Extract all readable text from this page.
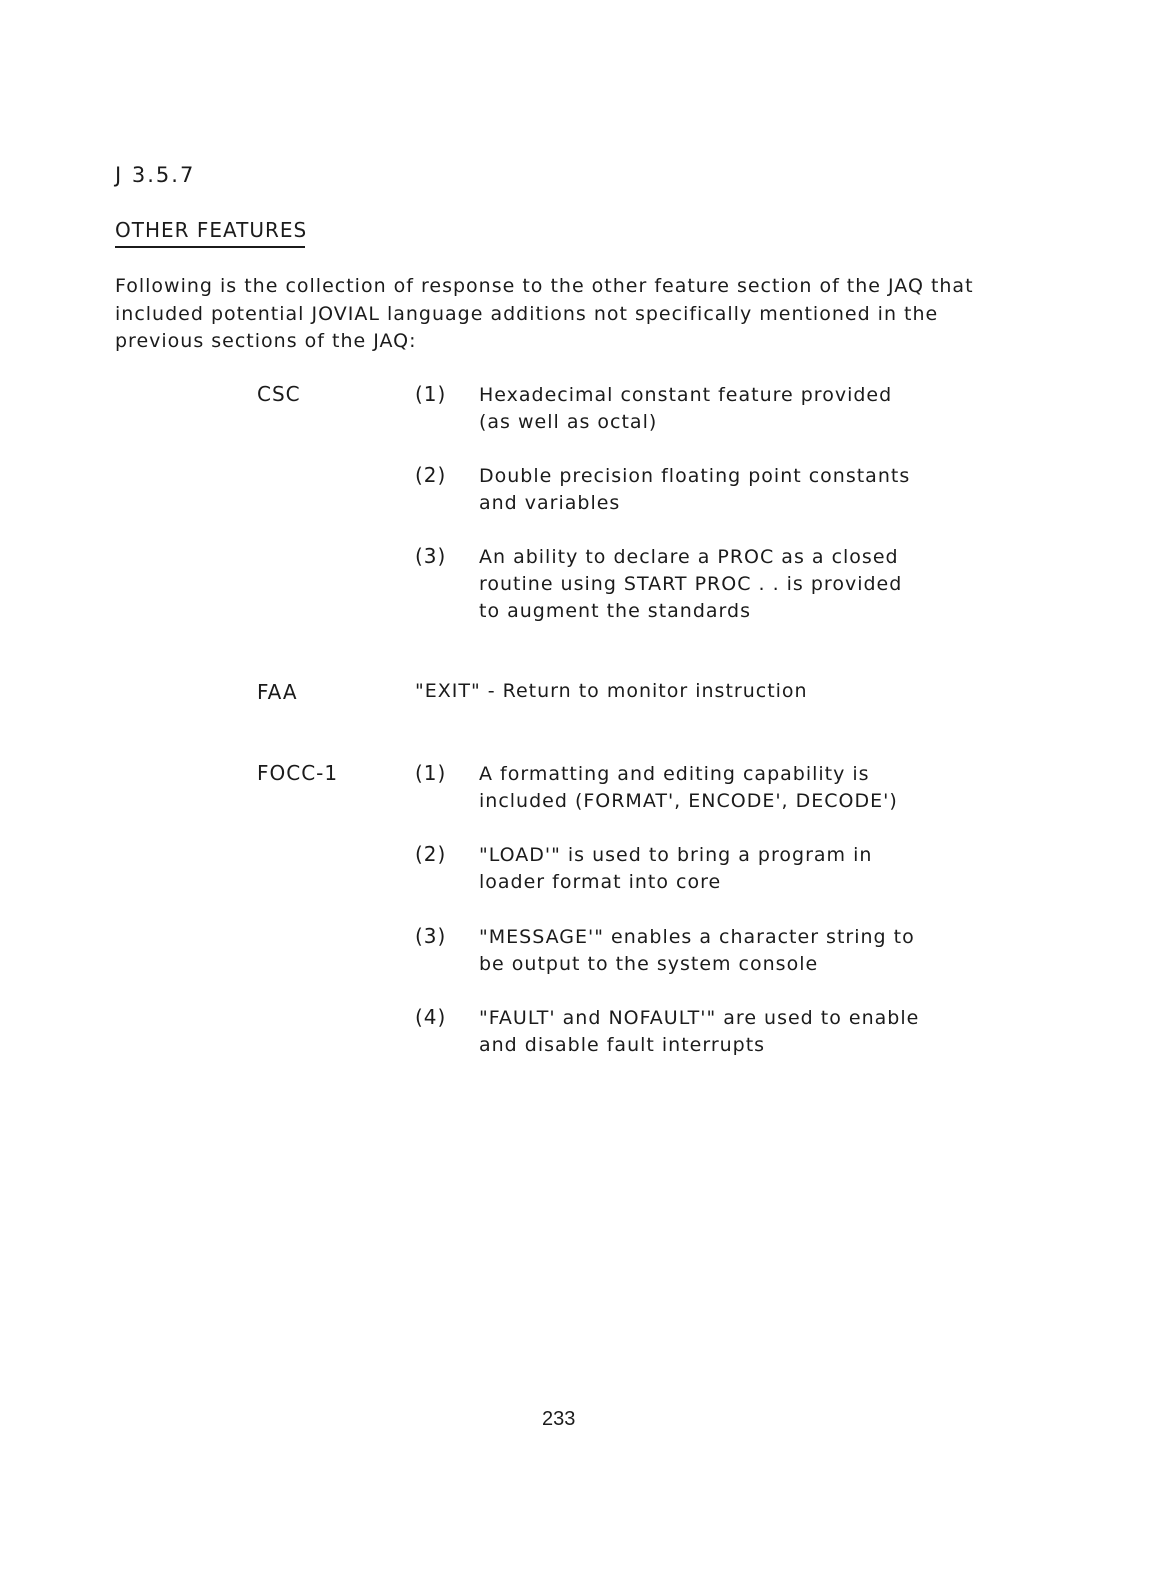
J 3.5.7
OTHER FEATURES
Following is the collection of response to the other feature section of the JAQ that
included potential JOVIAL language additions not specifically mentioned in the
previous sections of the JAQ:
CSC	(1) Hexadecimal constant feature provided
(as well as octal)
(2) Double precision floating point constants
and variables
(3) An ability to declare a PROC as a closed
routine using START PROC . . is provided
to augment the standards
FAA	"EXIT" - Return to monitor instruction
FOCC-1	(1) A formatting and editing capability is
included (FORMAT', ENCODE', DECODE')
(2) "LOAD'" is used to bring a program in
loader format into core
(3) "MESSAGE'" enables a character string to
be output to the system console
(4) "FAULT' and NOFAULT'" are used to enable
and disable fault interrupts
233
